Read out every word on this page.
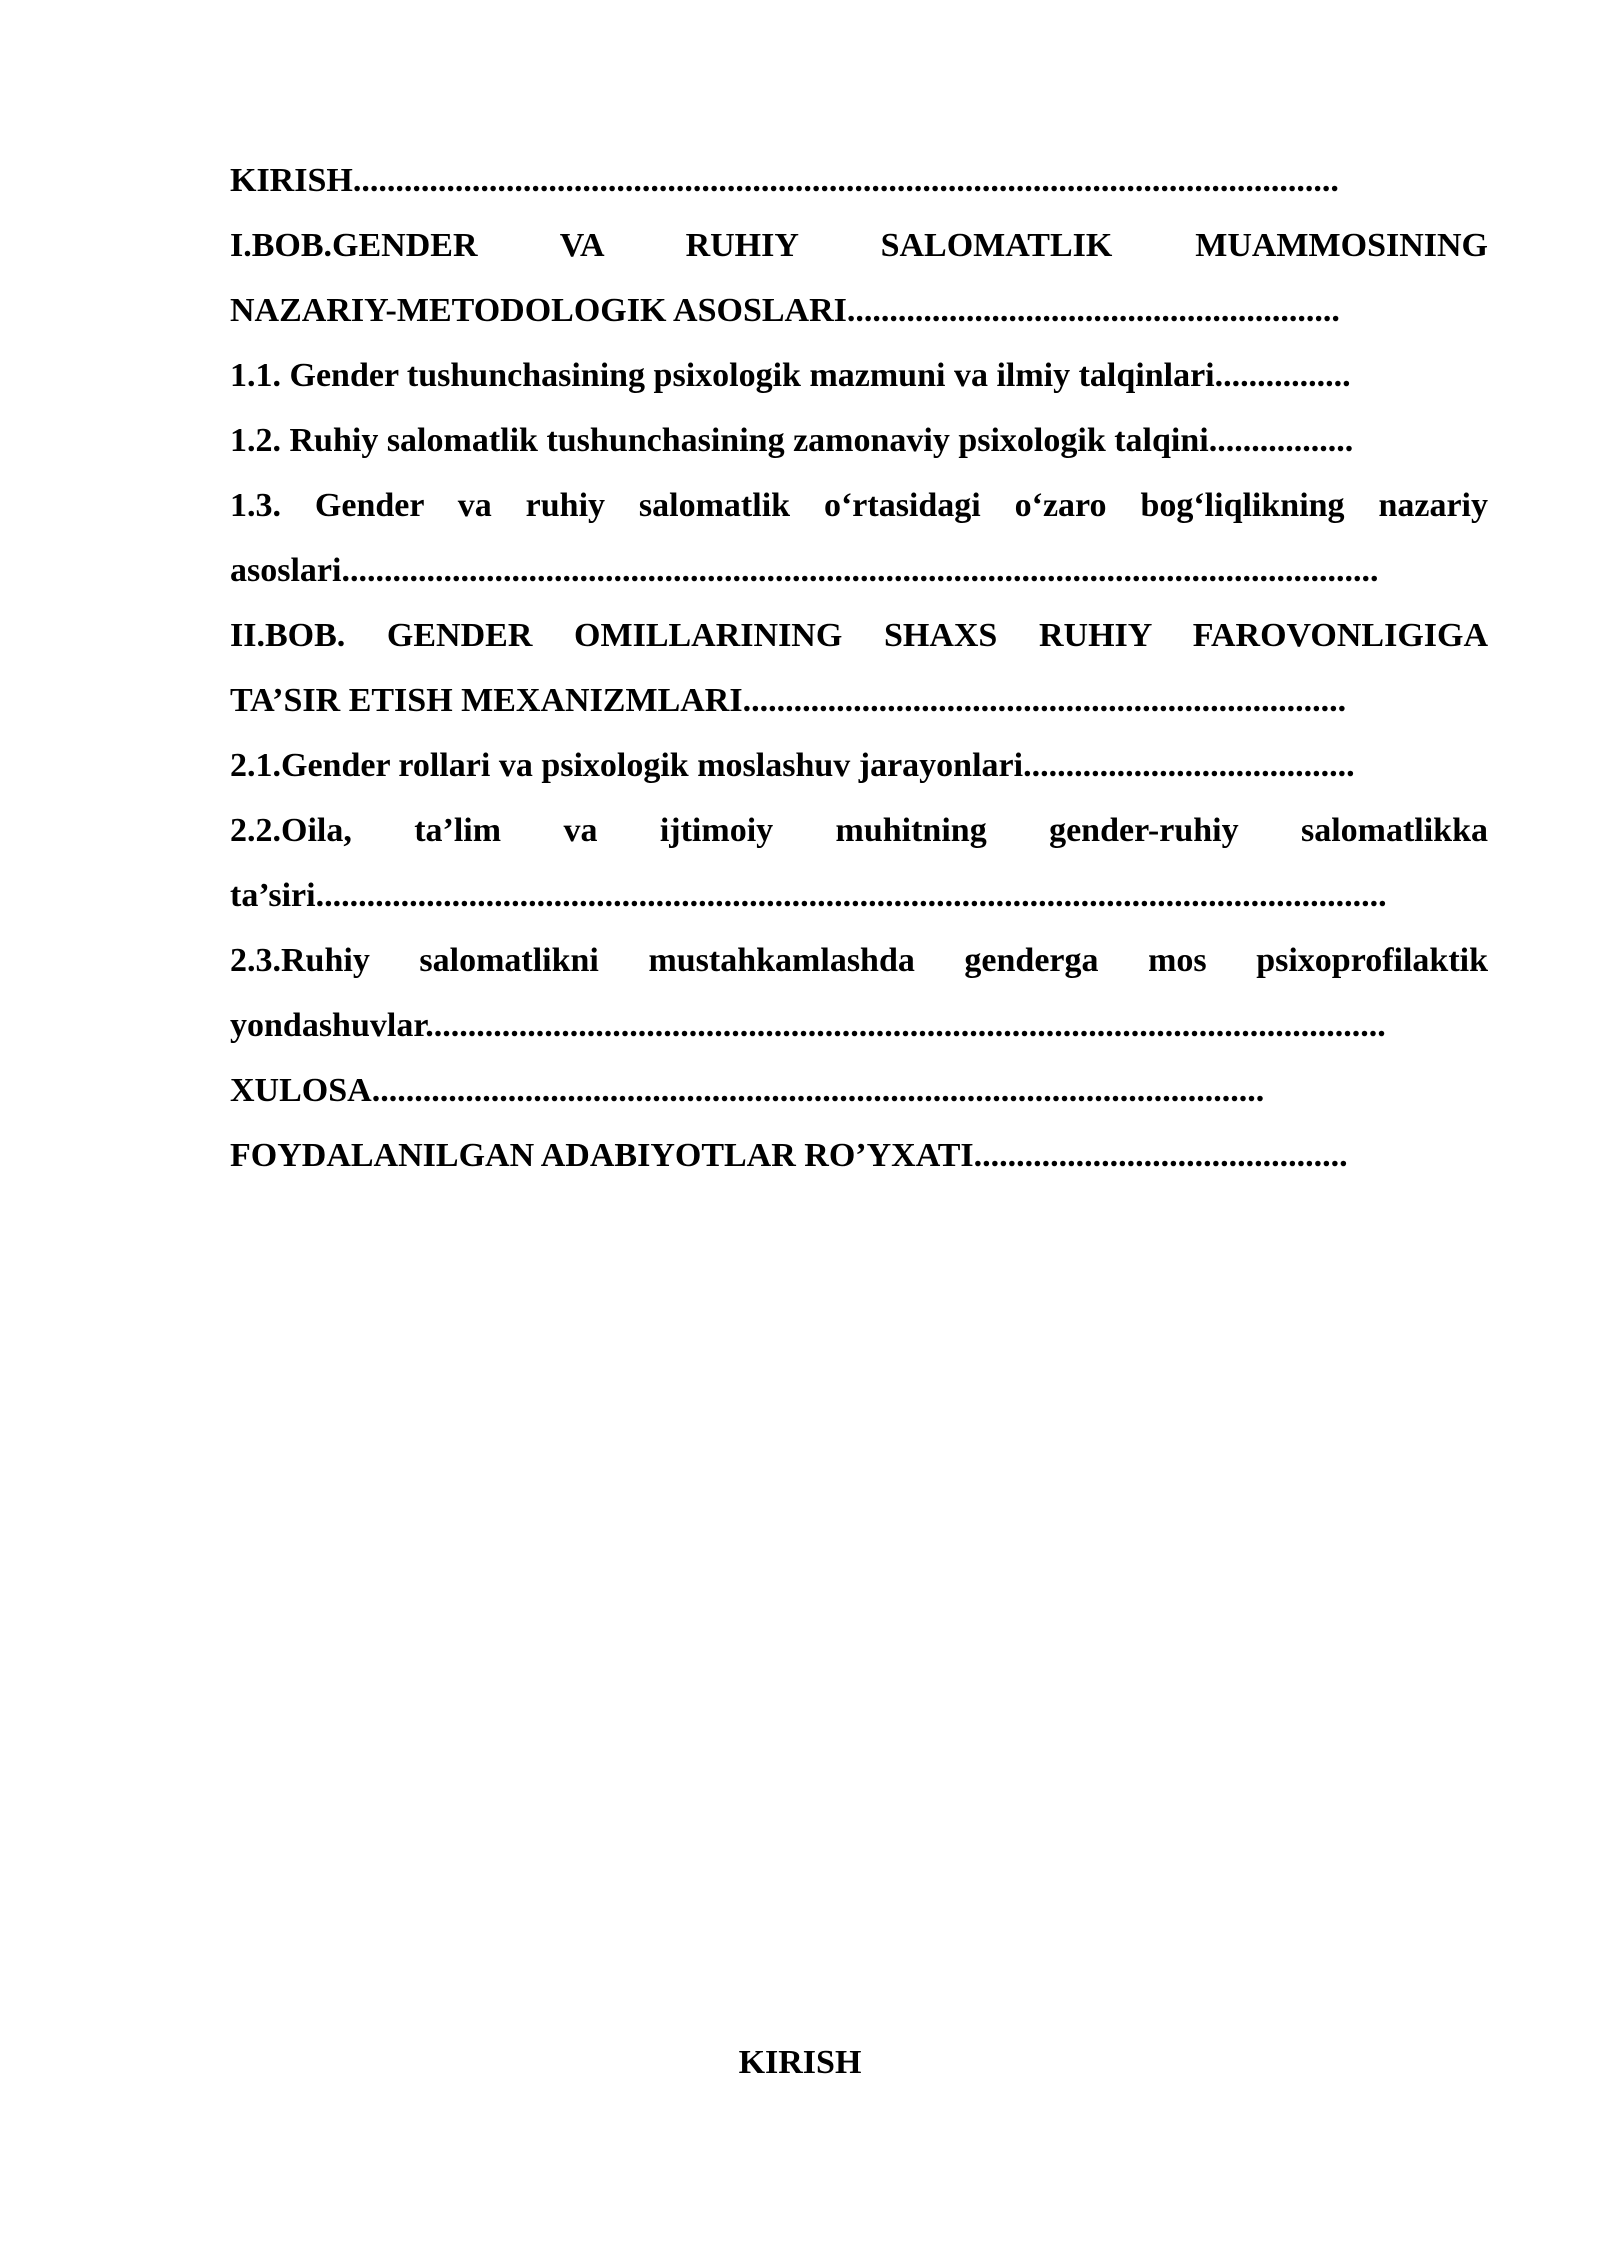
KIRISH....................................................................................................................
I.BOB.GENDER VA RUHIY SALOMATLIK MUAMMOSINING
NAZARIY-METODOLOGIK ASOSLARI..........................................................
1.1. Gender tushunchasining psixologik mazmuni va ilmiy talqinlari................
1.2. Ruhiy salomatlik tushunchasining zamonaviy psixologik talqini.................
1.3. Gender va ruhiy salomatlik o‘rtasidagi o‘zaro bog‘liqlikning nazariy
asoslari..........................................................................................................................
II.BOB. GENDER OMILLARINING SHAXS RUHIY FAROVONLIGIGA
TA’SIR ETISH MEXANIZMLARI.......................................................................
2.1.Gender rollari va psixologik moslashuv jarayonlari.......................................
2.2.Oila, ta’lim va ijtimoiy muhitning gender-ruhiy salomatlikka
ta’siri..............................................................................................................................
2.3.Ruhiy salomatlikni mustahkamlashda genderga mos psixoprofilaktik
yondashuvlar.................................................................................................................
XULOSA.........................................................................................................
FOYDALANILGAN ADABIYOTLAR RO’YXATI............................................
KIRISH
